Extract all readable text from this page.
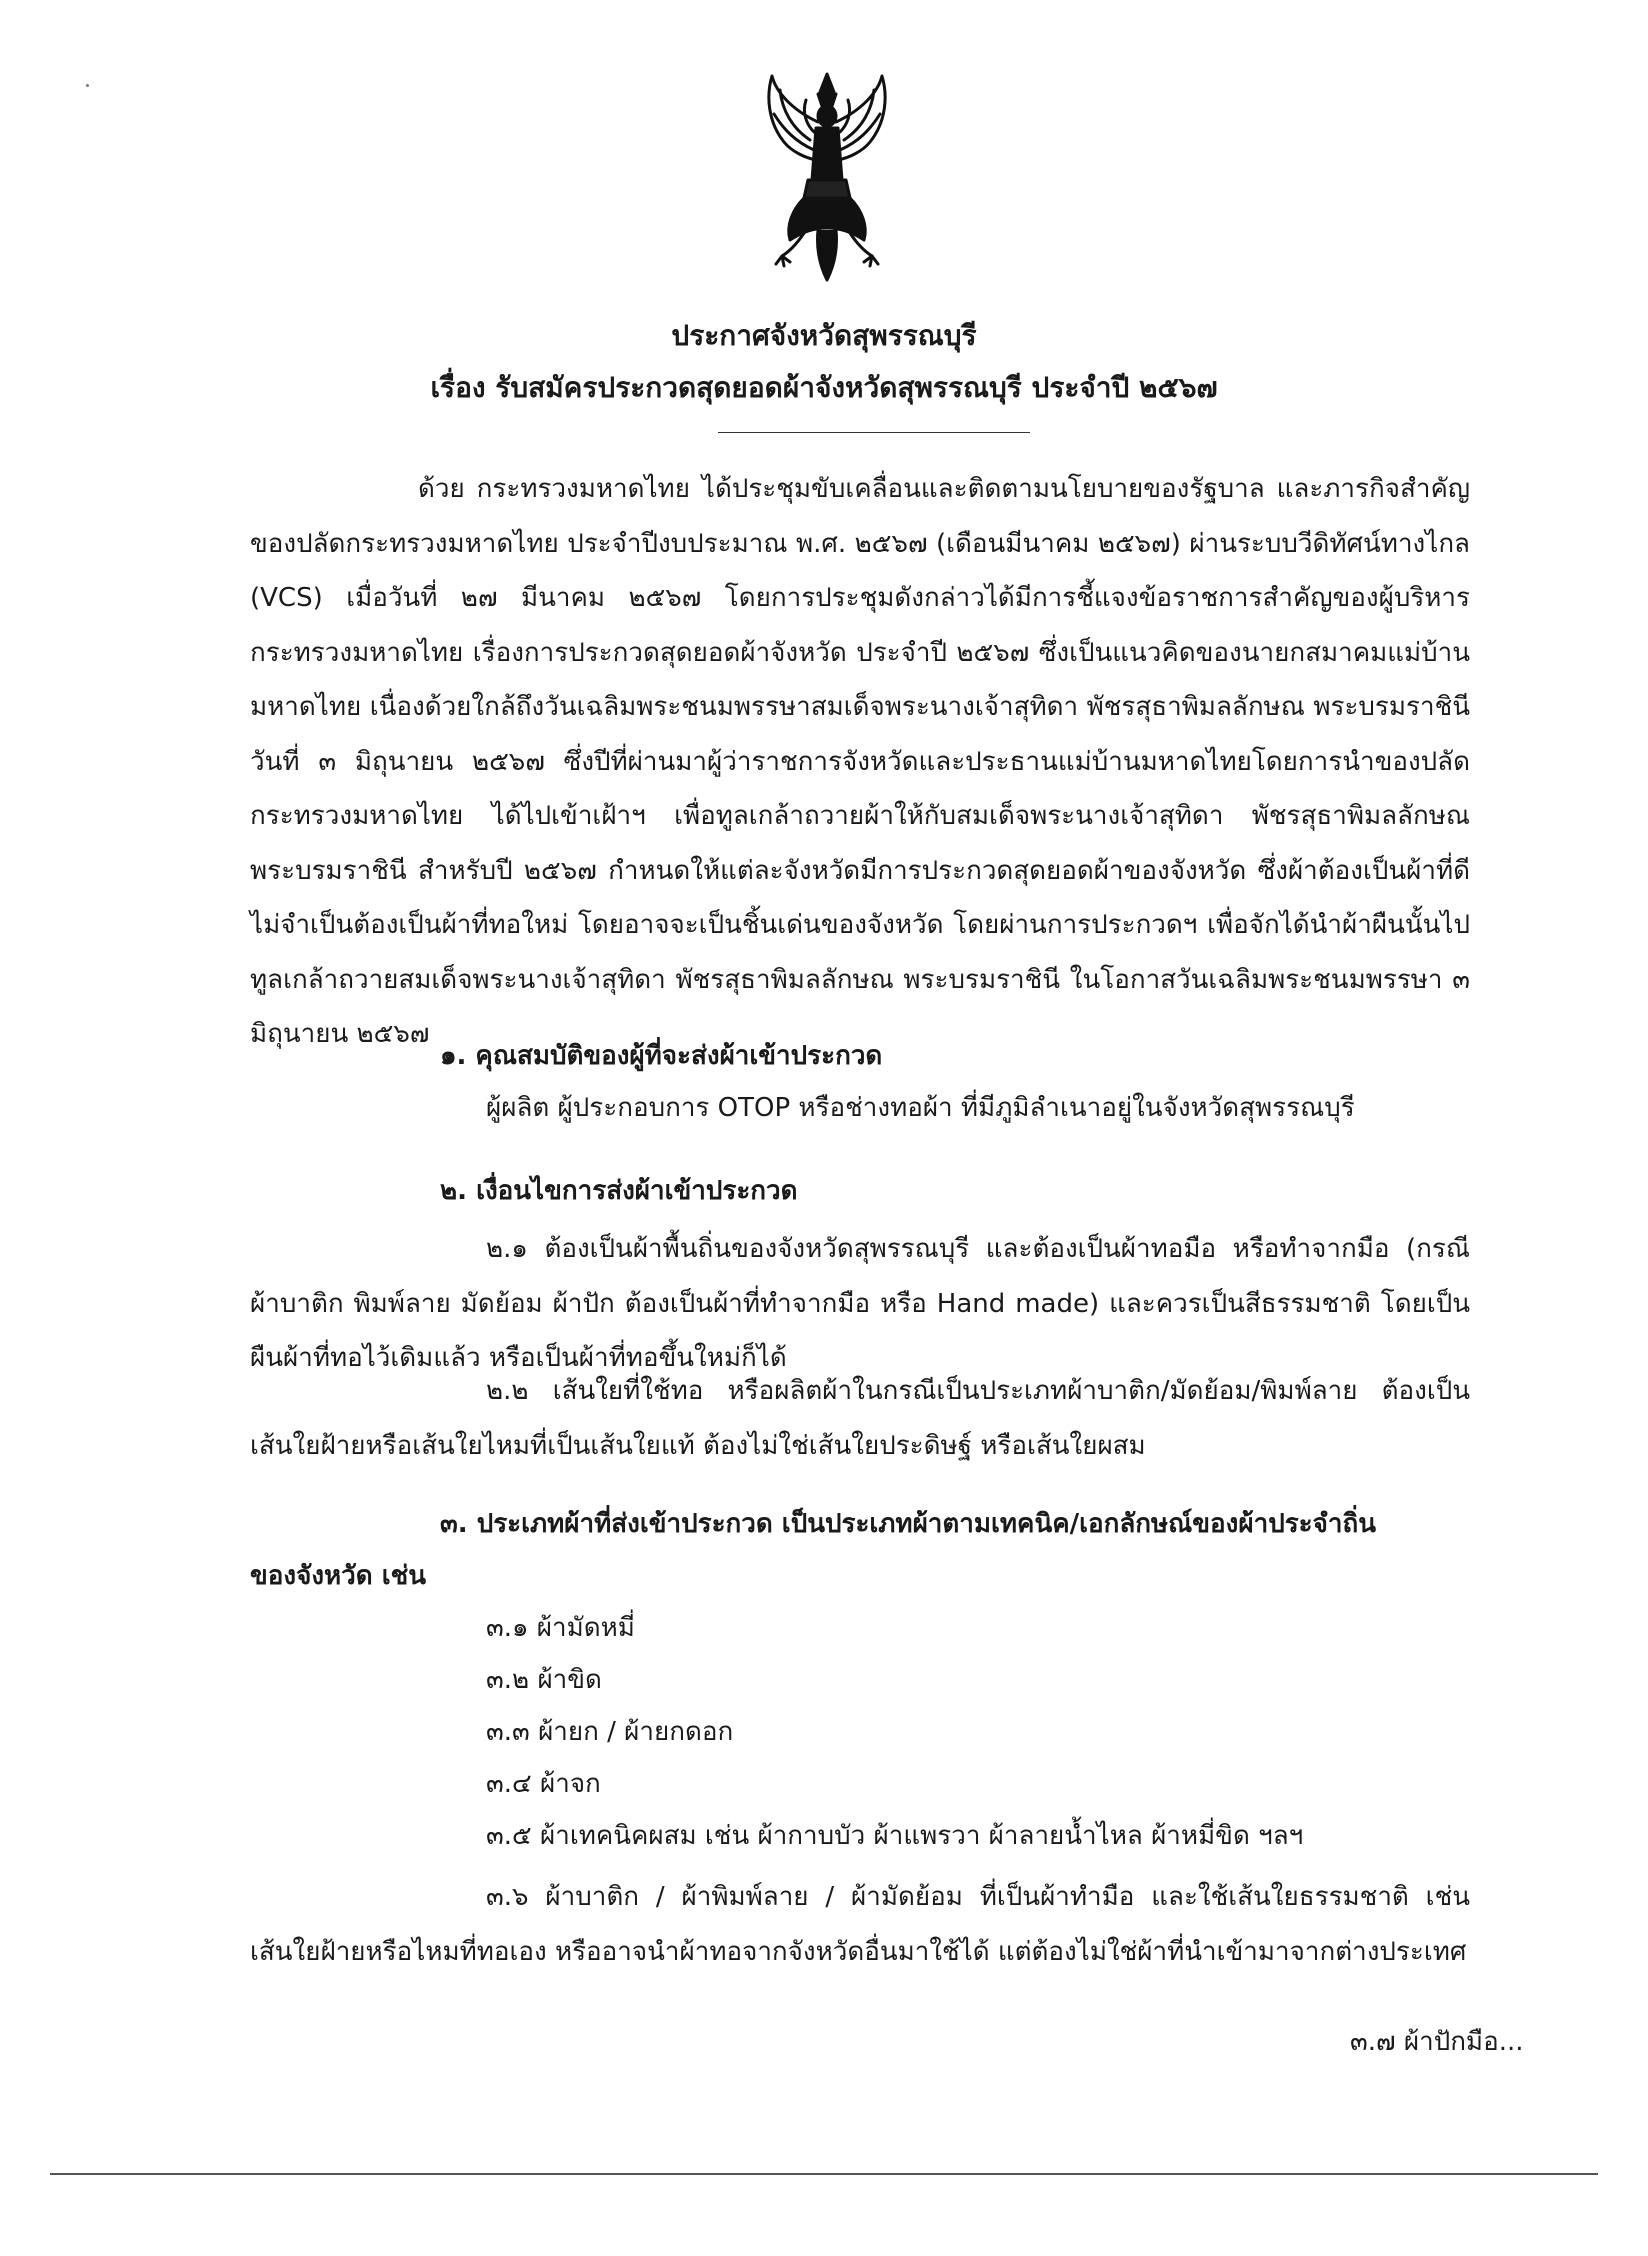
ประกาศจังหวัดสุพรรณบุรี
เรื่อง รับสมัครประกวดสุดยอดผ้าจังหวัดสุพรรณบุรี ประจำปี ๒๕๖๗
ด้วย กระทรวงมหาดไทย ได้ประชุมขับเคลื่อนและติดตามนโยบายของรัฐบาล และภารกิจสำคัญของปลัดกระทรวงมหาดไทย ประจำปีงบประมาณ พ.ศ. ๒๕๖๗ (เดือนมีนาคม ๒๕๖๗) ผ่านระบบวีดิทัศน์ทางไกล (VCS) เมื่อวันที่ ๒๗ มีนาคม ๒๕๖๗ โดยการประชุมดังกล่าวได้มีการชี้แจงข้อราชการสำคัญของผู้บริหารกระทรวงมหาดไทย เรื่องการประกวดสุดยอดผ้าจังหวัด ประจำปี ๒๕๖๗ ซึ่งเป็นแนวคิดของนายกสมาคมแม่บ้านมหาดไทย เนื่องด้วยใกล้ถึงวันเฉลิมพระชนมพรรษาสมเด็จพระนางเจ้าสุทิดา พัชรสุธาพิมลลักษณ พระบรมราชินี วันที่ ๓ มิถุนายน ๒๕๖๗ ซึ่งปีที่ผ่านมาผู้ว่าราชการจังหวัดและประธานแม่บ้านมหาดไทยโดยการนำของปลัดกระทรวงมหาดไทย ได้ไปเข้าเฝ้าฯ เพื่อทูลเกล้าถวายผ้าให้กับสมเด็จพระนางเจ้าสุทิดา พัชรสุธาพิมลลักษณ พระบรมราชินี สำหรับปี ๒๕๖๗ กำหนดให้แต่ละจังหวัดมีการประกวดสุดยอดผ้าของจังหวัด ซึ่งผ้าต้องเป็นผ้าที่ดี ไม่จำเป็นต้องเป็นผ้าที่ทอใหม่ โดยอาจจะเป็นชิ้นเด่นของจังหวัด โดยผ่านการประกวดฯ เพื่อจักได้นำผ้าผืนนั้นไปทูลเกล้าถวายสมเด็จพระนางเจ้าสุทิดา พัชรสุธาพิมลลักษณ พระบรมราชินี ในโอกาสวันเฉลิมพระชนมพรรษา ๓ มิถุนายน ๒๕๖๗
๑. คุณสมบัติของผู้ที่จะส่งผ้าเข้าประกวด
ผู้ผลิต ผู้ประกอบการ OTOP หรือช่างทอผ้า ที่มีภูมิลำเนาอยู่ในจังหวัดสุพรรณบุรี
๒. เงื่อนไขการส่งผ้าเข้าประกวด
๒.๑ ต้องเป็นผ้าพื้นถิ่นของจังหวัดสุพรรณบุรี และต้องเป็นผ้าทอมือ หรือทำจากมือ (กรณี ผ้าบาติก พิมพ์ลาย มัดย้อม ผ้าปัก ต้องเป็นผ้าที่ทำจากมือ หรือ Hand made) และควรเป็นสีธรรมชาติ โดยเป็นผืนผ้าที่ทอไว้เดิมแล้ว หรือเป็นผ้าที่ทอขึ้นใหม่ก็ได้
๒.๒ เส้นใยที่ใช้ทอ หรือผลิตผ้าในกรณีเป็นประเภทผ้าบาติก/มัดย้อม/พิมพ์ลาย ต้องเป็นเส้นใยฝ้ายหรือเส้นใยไหมที่เป็นเส้นใยแท้ ต้องไม่ใช่เส้นใยประดิษฐ์ หรือเส้นใยผสม
๓. ประเภทผ้าที่ส่งเข้าประกวด เป็นประเภทผ้าตามเทคนิค/เอกลักษณ์ของผ้าประจำถิ่น
ของจังหวัด เช่น
๓.๑ ผ้ามัดหมี่
๓.๒ ผ้าขิด
๓.๓ ผ้ายก / ผ้ายกดอก
๓.๔ ผ้าจก
๓.๕ ผ้าเทคนิคผสม เช่น ผ้ากาบบัว ผ้าแพรวา ผ้าลายน้ำไหล ผ้าหมี่ขิด ฯลฯ
๓.๖ ผ้าบาติก / ผ้าพิมพ์ลาย / ผ้ามัดย้อม ที่เป็นผ้าทำมือ และใช้เส้นใยธรรมชาติ เช่น เส้นใยฝ้ายหรือไหมที่ทอเอง หรืออาจนำผ้าทอจากจังหวัดอื่นมาใช้ได้ แต่ต้องไม่ใช่ผ้าที่นำเข้ามาจากต่างประเทศ
๓.๗ ผ้าปักมือ...
